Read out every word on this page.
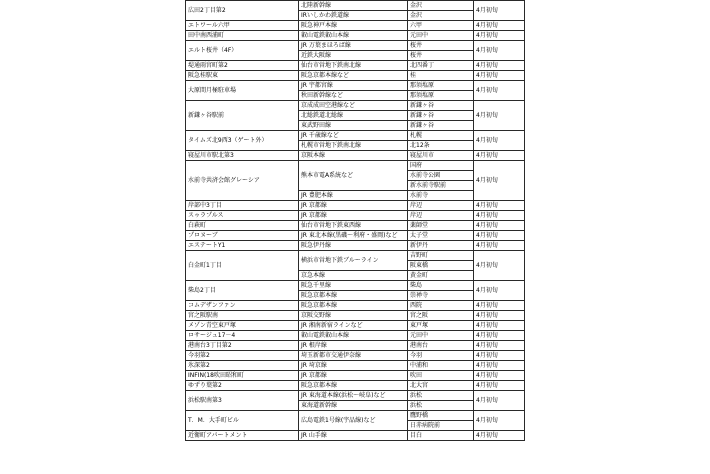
広田2丁目第2	北陸新幹線	金沢	4月初旬
	IRいしかわ鉄道線	金沢	
エトワール六甲	阪急神戸本線	六甲	4月初旬
田中南西浦町	叡山電鉄叡山本線	元田中	4月初旬
エルト桜井（4F）	JR 万葉まほろば線	桜井	4月初旬
	近鉄大阪線	桜井	
堤通雨宮町第2	仙台市営地下鉄南北線	北四番丁	4月初旬
阪急桂駅東	阪急京都本線など	桂	4月初旬
大原間月極駐車場	JR 宇都宮線	那須塩原	4月初旬
	秋田新幹線など	那須塩原	
新鎌ヶ谷駅前	京成成田空港線など	新鎌ヶ谷	4月初旬
	北総鉄道北総線	新鎌ヶ谷	
	東武野田線	新鎌ヶ谷	
タイムズ北9西3（ゲート外）	JR 千歳線など	札幌	4月初旬
	札幌市営地下鉄南北線	北12条	
寝屋川市駅北第3	京阪本線	寝屋川市	4月初旬
水前寺共済会館グレーシア	熊本市電A系統など	国府	4月初旬
		水前寺公園	
		新水前寺駅前	
	JR 豊肥本線	水前寺	
岸部中3丁目	JR 京都線	岸辺	4月初旬
スゥラプルス	JR 京都線	岸辺	4月初旬
白萩町	仙台市営地下鉄東西線	薬師堂	4月初旬
プロヌーブ	JR 東北本線(黒磯～利府・盛岡)など	太子堂	4月初旬
エステートY1	阪急伊丹線	新伊丹	4月初旬
白金町1丁目	横浜市営地下鉄ブルーライン	吉野町	4月初旬
		阪東橋	
	京急本線	黄金町	
柴島2丁目	阪急千里線	柴島	4月初旬
	阪急京都本線	崇禅寺	
コムデザンファン	阪急京都本線	西院	4月初旬
宮之阪駅南	京阪交野線	宮之阪	4月初旬
メゾン青空東戸塚	JR 湘南新宿ラインなど	東戸塚	4月初旬
ロサージュ17－4	叡山電鉄叡山本線	元田中	4月初旬
港南台3丁目第2	JR 根岸線	港南台	4月初旬
今羽第2	埼玉新都市交通伊奈線	今羽	4月初旬
氷深第2	JR 埼京線	中浦和	4月初旬
INFIN(18吹田昭和町	JR 京都線	吹田	4月初旬
ゆずり葉第2	阪急京都本線	北大宮	4月初旬
浜松駅南第3	JR 東海道本線(浜松～岐阜)など	浜松	4月初旬
	東海道新幹線	浜松	
T．M．大手町ビル	広島電鉄1号線(宇品線)など	鷹野橋	4月初旬
		日赤病院前	
近衛町アパートメント	JR 山手線	目白	4月初旬
